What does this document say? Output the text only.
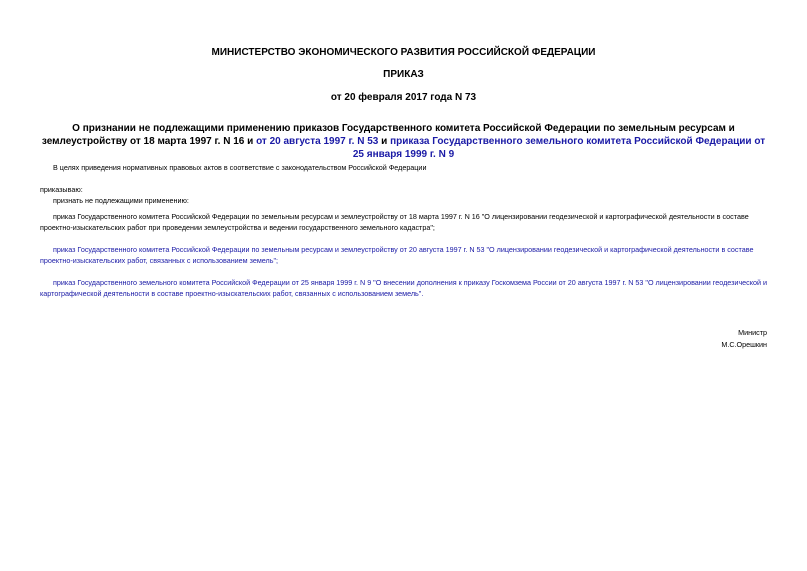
МИНИСТЕРСТВО ЭКОНОМИЧЕСКОГО РАЗВИТИЯ РОССИЙСКОЙ ФЕДЕРАЦИИ
ПРИКАЗ
от 20 февраля 2017 года N 73
О признании не подлежащими применению приказов Государственного комитета Российской Федерации по земельным ресурсам и землеустройству от 18 марта 1997 г. N 16 и от 20 августа 1997 г. N 53 и приказа Государственного земельного комитета Российской Федерации от 25 января 1999 г. N 9
В целях приведения нормативных правовых актов в соответствие с законодательством Российской Федерации
приказываю:
признать не подлежащими применению:
приказ Государственного комитета Российской Федерации по земельным ресурсам и землеустройству от 18 марта 1997 г. N 16 "О лицензировании геодезической и картографической деятельности в составе проектно-изыскательских работ при проведении землеустройства и ведении государственного земельного кадастра";
приказ Государственного комитета Российской Федерации по земельным ресурсам и землеустройству от 20 августа 1997 г. N 53 "О лицензировании геодезической и картографической деятельности в составе проектно-изыскательских работ, связанных с использованием земель";
приказ Государственного земельного комитета Российской Федерации от 25 января 1999 г. N 9 "О внесении дополнения к приказу Госкомзема России от 20 августа 1997 г. N 53 "О лицензировании геодезической и картографической деятельности в составе проектно-изыскательских работ, связанных с использованием земель".
Министр
М.С.Орешкин
